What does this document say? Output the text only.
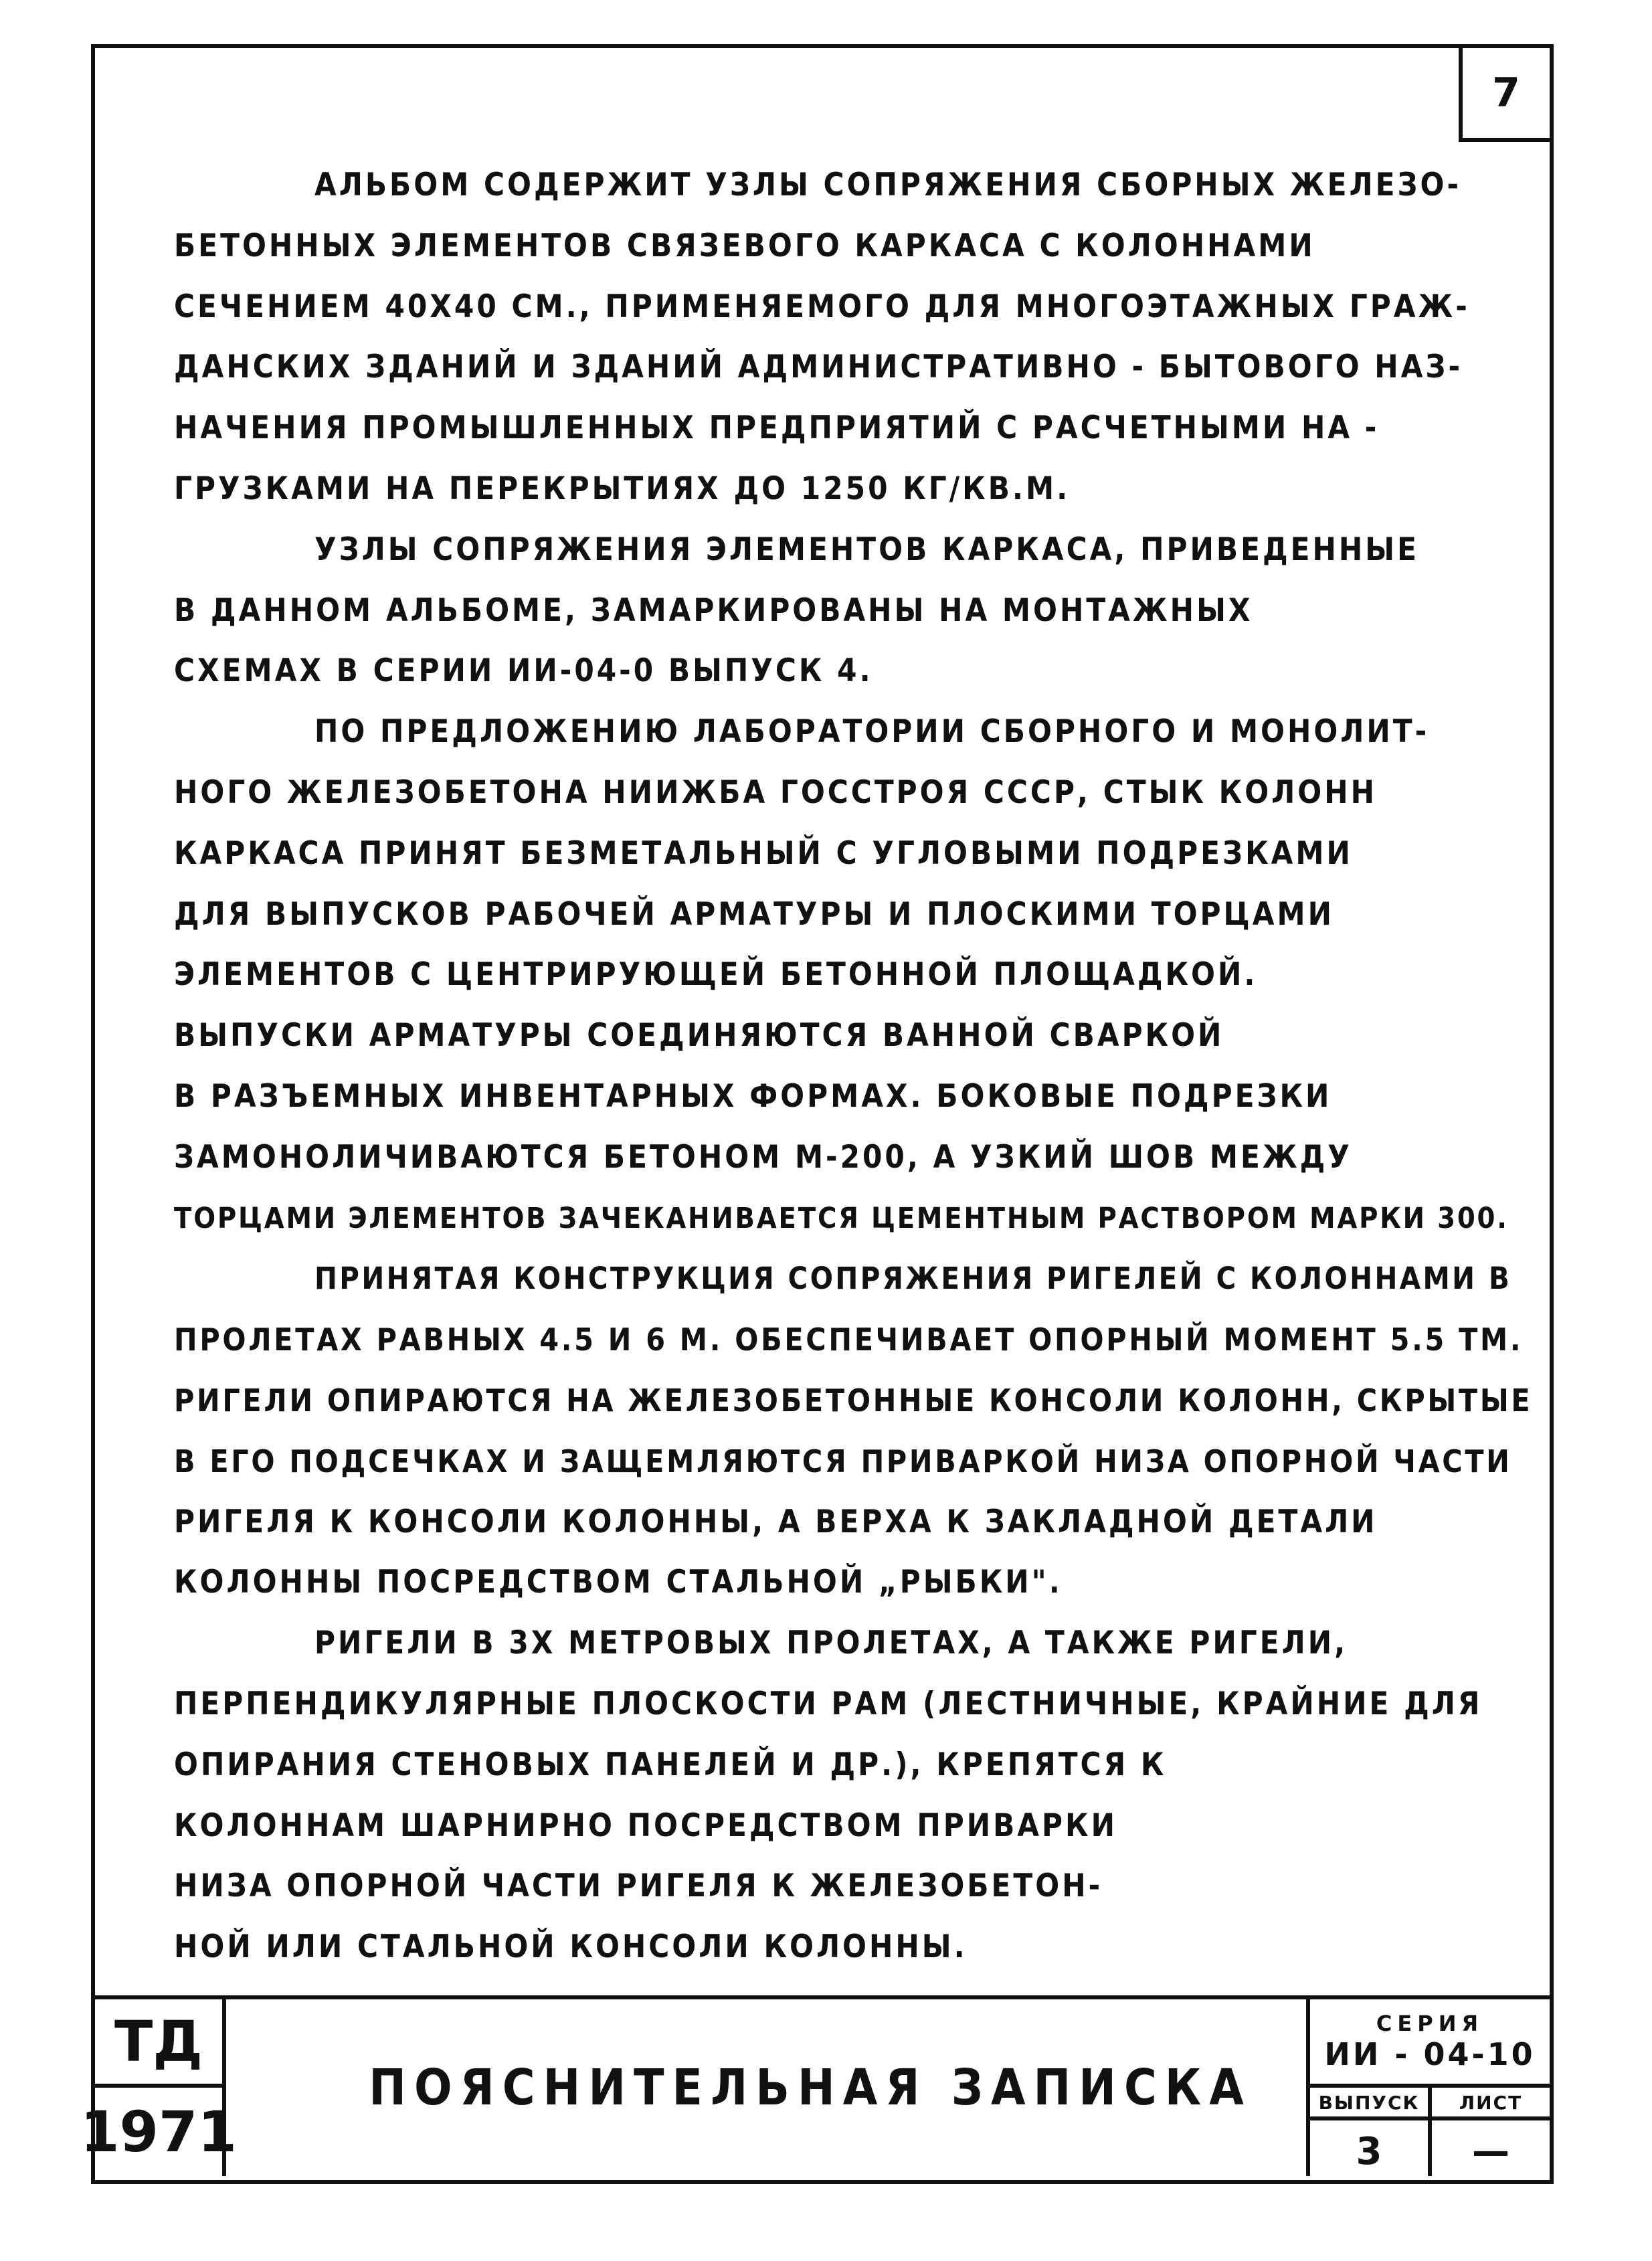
7
АЛЬБОМ СОДЕРЖИТ УЗЛЫ СОПРЯЖЕНИЯ СБОРНЫХ ЖЕЛЕЗО-
БЕТОННЫХ ЭЛЕМЕНТОВ СВЯЗЕВОГО КАРКАСА С КОЛОННАМИ
СЕЧЕНИЕМ 40Х40 СМ., ПРИМЕНЯЕМОГО ДЛЯ МНОГОЭТАЖНЫХ ГРАЖ-
ДАНСКИХ ЗДАНИЙ И ЗДАНИЙ АДМИНИСТРАТИВНО - БЫТОВОГО НАЗ-
НАЧЕНИЯ ПРОМЫШЛЕННЫХ ПРЕДПРИЯТИЙ С РАСЧЕТНЫМИ НА -
ГРУЗКАМИ НА ПЕРЕКРЫТИЯХ ДО 1250 КГ/КВ.М.
УЗЛЫ СОПРЯЖЕНИЯ ЭЛЕМЕНТОВ КАРКАСА, ПРИВЕДЕННЫЕ
В ДАННОМ АЛЬБОМЕ, ЗАМАРКИРОВАНЫ НА МОНТАЖНЫХ
СХЕМАХ В СЕРИИ ИИ-04-0 ВЫПУСК 4.
ПО ПРЕДЛОЖЕНИЮ ЛАБОРАТОРИИ СБОРНОГО И МОНОЛИТ-
НОГО ЖЕЛЕЗОБЕТОНА НИИЖБА ГОССТРОЯ СССР, СТЫК КОЛОНН
КАРКАСА ПРИНЯТ БЕЗМЕТАЛЬНЫЙ С УГЛОВЫМИ ПОДРЕЗКАМИ
ДЛЯ ВЫПУСКОВ РАБОЧЕЙ АРМАТУРЫ И ПЛОСКИМИ ТОРЦАМИ
ЭЛЕМЕНТОВ С ЦЕНТРИРУЮЩЕЙ БЕТОННОЙ ПЛОЩАДКОЙ.
ВЫПУСКИ АРМАТУРЫ СОЕДИНЯЮТСЯ ВАННОЙ СВАРКОЙ
В РАЗЪЕМНЫХ ИНВЕНТАРНЫХ ФОРМАХ. БОКОВЫЕ ПОДРЕЗКИ
ЗАМОНОЛИЧИВАЮТСЯ БЕТОНОМ М-200, А УЗКИЙ ШОВ МЕЖДУ
ТОРЦАМИ ЭЛЕМЕНТОВ ЗАЧЕКАНИВАЕТСЯ ЦЕМЕНТНЫМ РАСТВОРОМ МАРКИ 300.
ПРИНЯТАЯ КОНСТРУКЦИЯ СОПРЯЖЕНИЯ РИГЕЛЕЙ С КОЛОННАМИ В
ПРОЛЕТАХ РАВНЫХ 4.5 И 6 М. ОБЕСПЕЧИВАЕТ ОПОРНЫЙ МОМЕНТ 5.5 ТМ.
РИГЕЛИ ОПИРАЮТСЯ НА ЖЕЛЕЗОБЕТОННЫЕ КОНСОЛИ КОЛОНН, СКРЫТЫЕ
В ЕГО ПОДСЕЧКАХ И ЗАЩЕМЛЯЮТСЯ ПРИВАРКОЙ НИЗА ОПОРНОЙ ЧАСТИ
РИГЕЛЯ К КОНСОЛИ КОЛОННЫ, А ВЕРХА К ЗАКЛАДНОЙ ДЕТАЛИ
КОЛОННЫ ПОСРЕДСТВОМ СТАЛЬНОЙ „РЫБКИ".
РИГЕЛИ В 3Х МЕТРОВЫХ ПРОЛЕТАХ, А ТАКЖЕ РИГЕЛИ,
ПЕРПЕНДИКУЛЯРНЫЕ ПЛОСКОСТИ РАМ (ЛЕСТНИЧНЫЕ, КРАЙНИЕ ДЛЯ
ОПИРАНИЯ СТЕНОВЫХ ПАНЕЛЕЙ И ДР.), КРЕПЯТСЯ К
КОЛОННАМ ШАРНИРНО ПОСРЕДСТВОМ ПРИВАРКИ
НИЗА ОПОРНОЙ ЧАСТИ РИГЕЛЯ К ЖЕЛЕЗОБЕТОН-
НОЙ ИЛИ СТАЛЬНОЙ КОНСОЛИ КОЛОННЫ.
ТД
1971
ПОЯСНИТЕЛЬНАЯ ЗАПИСКА
СЕРИЯ
ИИ - 04-10
ВЫПУСК
3
ЛИСТ
—
